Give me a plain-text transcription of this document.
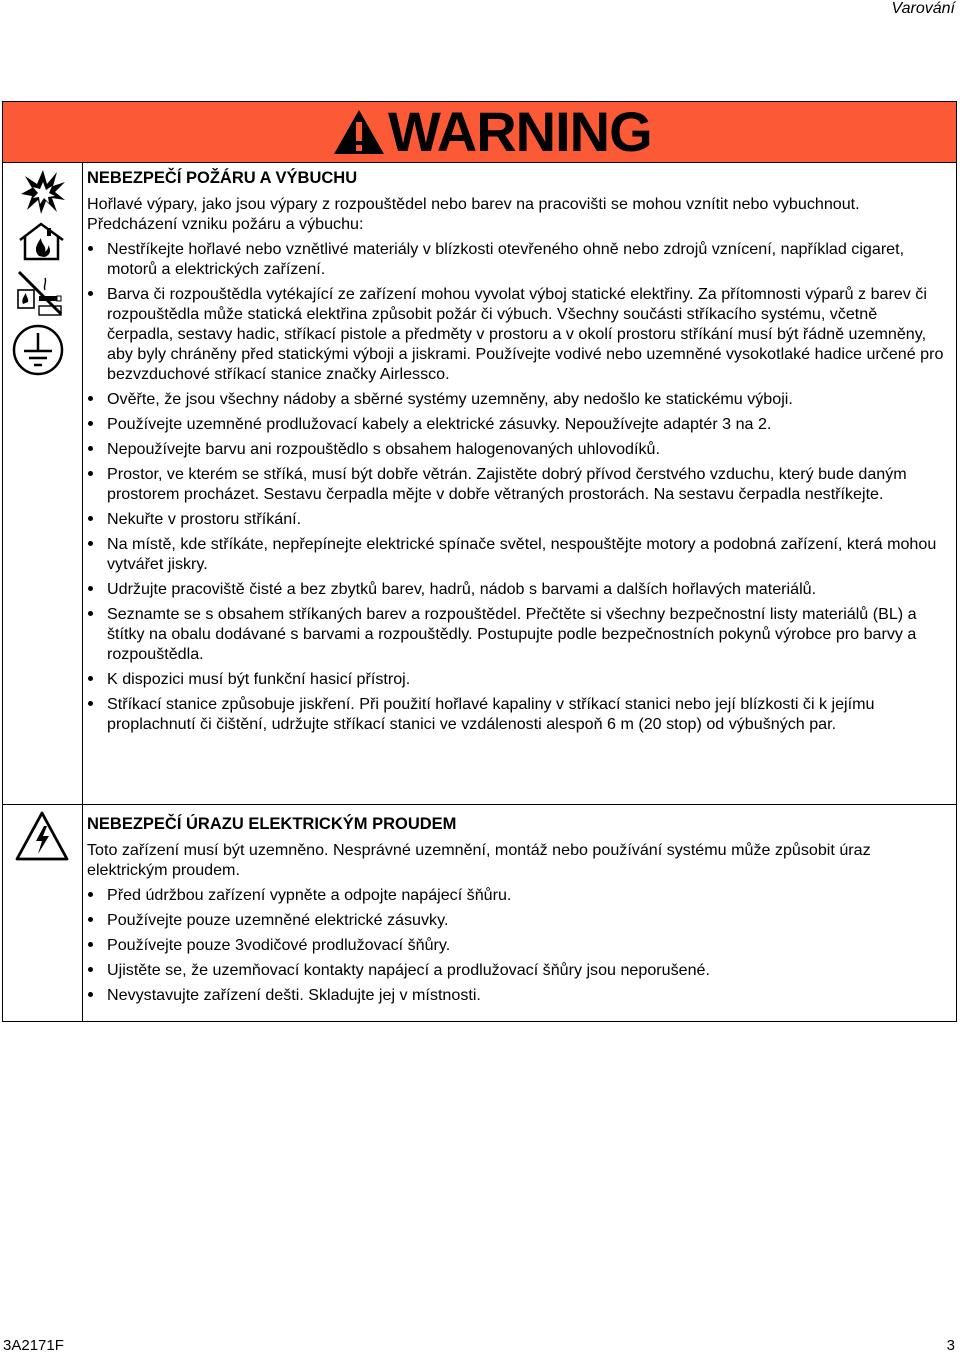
Varování
WARNING
NEBEZPEČÍ POŽÁRU A VÝBUCHU
Hořlavé výpary, jako jsou výpary z rozpouštědel nebo barev na pracovišti se mohou vznítit nebo vybuchnout. Předcházení vzniku požáru a výbuchu:
Nestříkejte hořlavé nebo vznětlivé materiály v blízkosti otevřeného ohně nebo zdrojů vznícení, například cigaret, motorů a elektrických zařízení.
Barva či rozpouštědla vytékající ze zařízení mohou vyvolat výboj statické elektřiny. Za přítomnosti výparů z barev či rozpouštědla může statická elektřina způsobit požár či výbuch. Všechny součásti stříkacího systému, včetně čerpadla, sestavy hadic, stříkací pistole a předměty v prostoru a v okolí prostoru stříkání musí být řádně uzemněny, aby byly chráněny před statickými výboji a jiskrami. Používejte vodivé nebo uzemněné vysokotlaké hadice určené pro bezvzduchové stříkací stanice značky Airlessco.
Ověřte, že jsou všechny nádoby a sběrné systémy uzemněny, aby nedošlo ke statickému výboji.
Používejte uzemněné prodlužovací kabely a elektrické zásuvky. Nepoužívejte adaptér 3 na 2.
Nepoužívejte barvu ani rozpouštědlo s obsahem halogenovaných uhlovodíků.
Prostor, ve kterém se stříká, musí být dobře větrán. Zajistěte dobrý přívod čerstvého vzduchu, který bude daným prostorem procházet. Sestavu čerpadla mějte v dobře větraných prostorách. Na sestavu čerpadla nestříkejte.
Nekuřte v prostoru stříkání.
Na místě, kde stříkáte, nepřepínejte elektrické spínače světel, nespouštějte motory a podobná zařízení, která mohou vytvářet jiskry.
Udržujte pracoviště čisté a bez zbytků barev, hadrů, nádob s barvami a dalších hořlavých materiálů.
Seznamte se s obsahem stříkaných barev a rozpouštědel. Přečtěte si všechny bezpečnostní listy materiálů (BL) a štítky na obalu dodávané s barvami a rozpouštědly. Postupujte podle bezpečnostních pokynů výrobce pro barvy a rozpouštědla.
K dispozici musí být funkční hasicí přístroj.
Stříkací stanice způsobuje jiskření. Při použití hořlavé kapaliny v stříkací stanici nebo její blízkosti či k jejímu proplachnutí či čištění, udržujte stříkací stanici ve vzdálenosti alespoň 6 m (20 stop) od výbušných par.
NEBEZPEČÍ ÚRAZU ELEKTRICKÝM PROUDEM
Toto zařízení musí být uzemněno. Nesprávné uzemnění, montáž nebo používání systému může způsobit úraz elektrickým proudem.
Před údržbou zařízení vypněte a odpojte napájecí šňůru.
Používejte pouze uzemněné elektrické zásuvky.
Používejte pouze 3vodičové prodlužovací šňůry.
Ujistěte se, že uzemňovací kontakty napájecí a prodlužovací šňůry jsou neporušené.
Nevystavujte zařízení dešti. Skladujte jej v místnosti.
3A2171F	3
